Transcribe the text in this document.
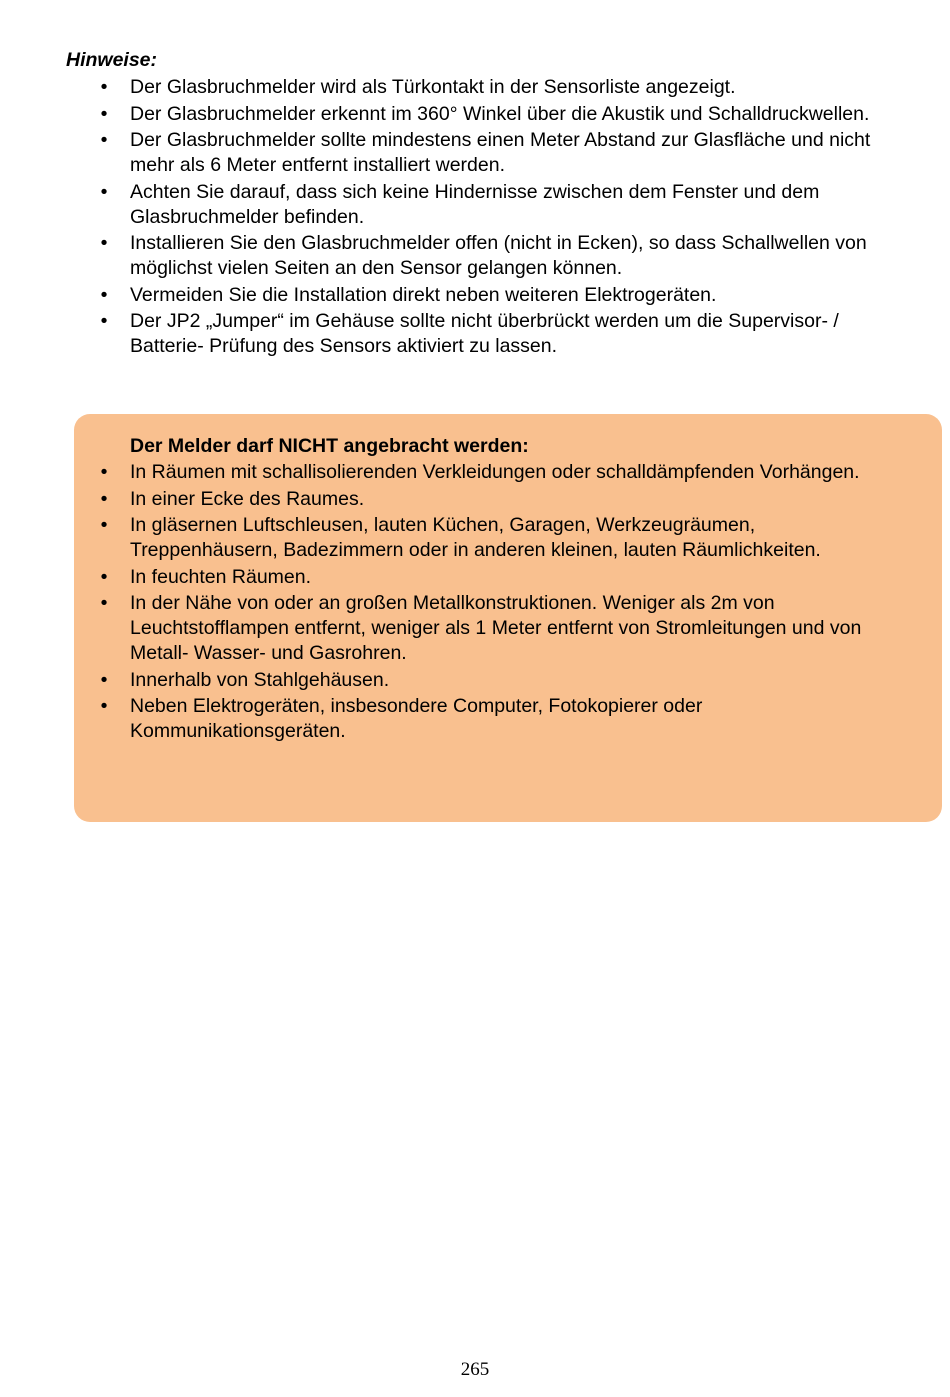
Hinweise:
• Der Glasbruchmelder wird als Türkontakt in der Sensorliste angezeigt.
• Der Glasbruchmelder erkennt im 360° Winkel über die Akustik und Schalldruckwellen.
• Der Glasbruchmelder sollte mindestens einen Meter Abstand zur Glasfläche und nicht mehr als 6 Meter entfernt installiert werden.
• Achten Sie darauf, dass sich keine Hindernisse zwischen dem Fenster und dem Glasbruchmelder befinden.
• Installieren Sie den Glasbruchmelder offen (nicht in Ecken), so dass Schallwellen von möglichst vielen Seiten an den Sensor gelangen können.
• Vermeiden Sie die Installation direkt neben weiteren Elektrogeräten.
• Der JP2 „Jumper“ im Gehäuse sollte nicht überbrückt werden um die Supervisor- / Batterie- Prüfung des Sensors aktiviert zu lassen.
Der Melder darf NICHT angebracht werden:
• In Räumen mit schallisolierenden Verkleidungen oder schalldämpfenden Vorhängen.
• In einer Ecke des Raumes.
• In gläsernen Luftschleusen, lauten Küchen, Garagen, Werkzeugräumen, Treppenhäusern, Badezimmern oder in anderen kleinen, lauten Räumlichkeiten.
• In feuchten Räumen.
• In der Nähe von oder an großen Metallkonstruktionen. Weniger als 2m von Leuchtstofflampen entfernt, weniger als 1 Meter entfernt von Stromleitungen und von Metall- Wasser- und Gasrohren.
• Innerhalb von Stahlgehäusen.
• Neben Elektrogeräten, insbesondere Computer, Fotokopierer oder Kommunikationsgeräten.
265
